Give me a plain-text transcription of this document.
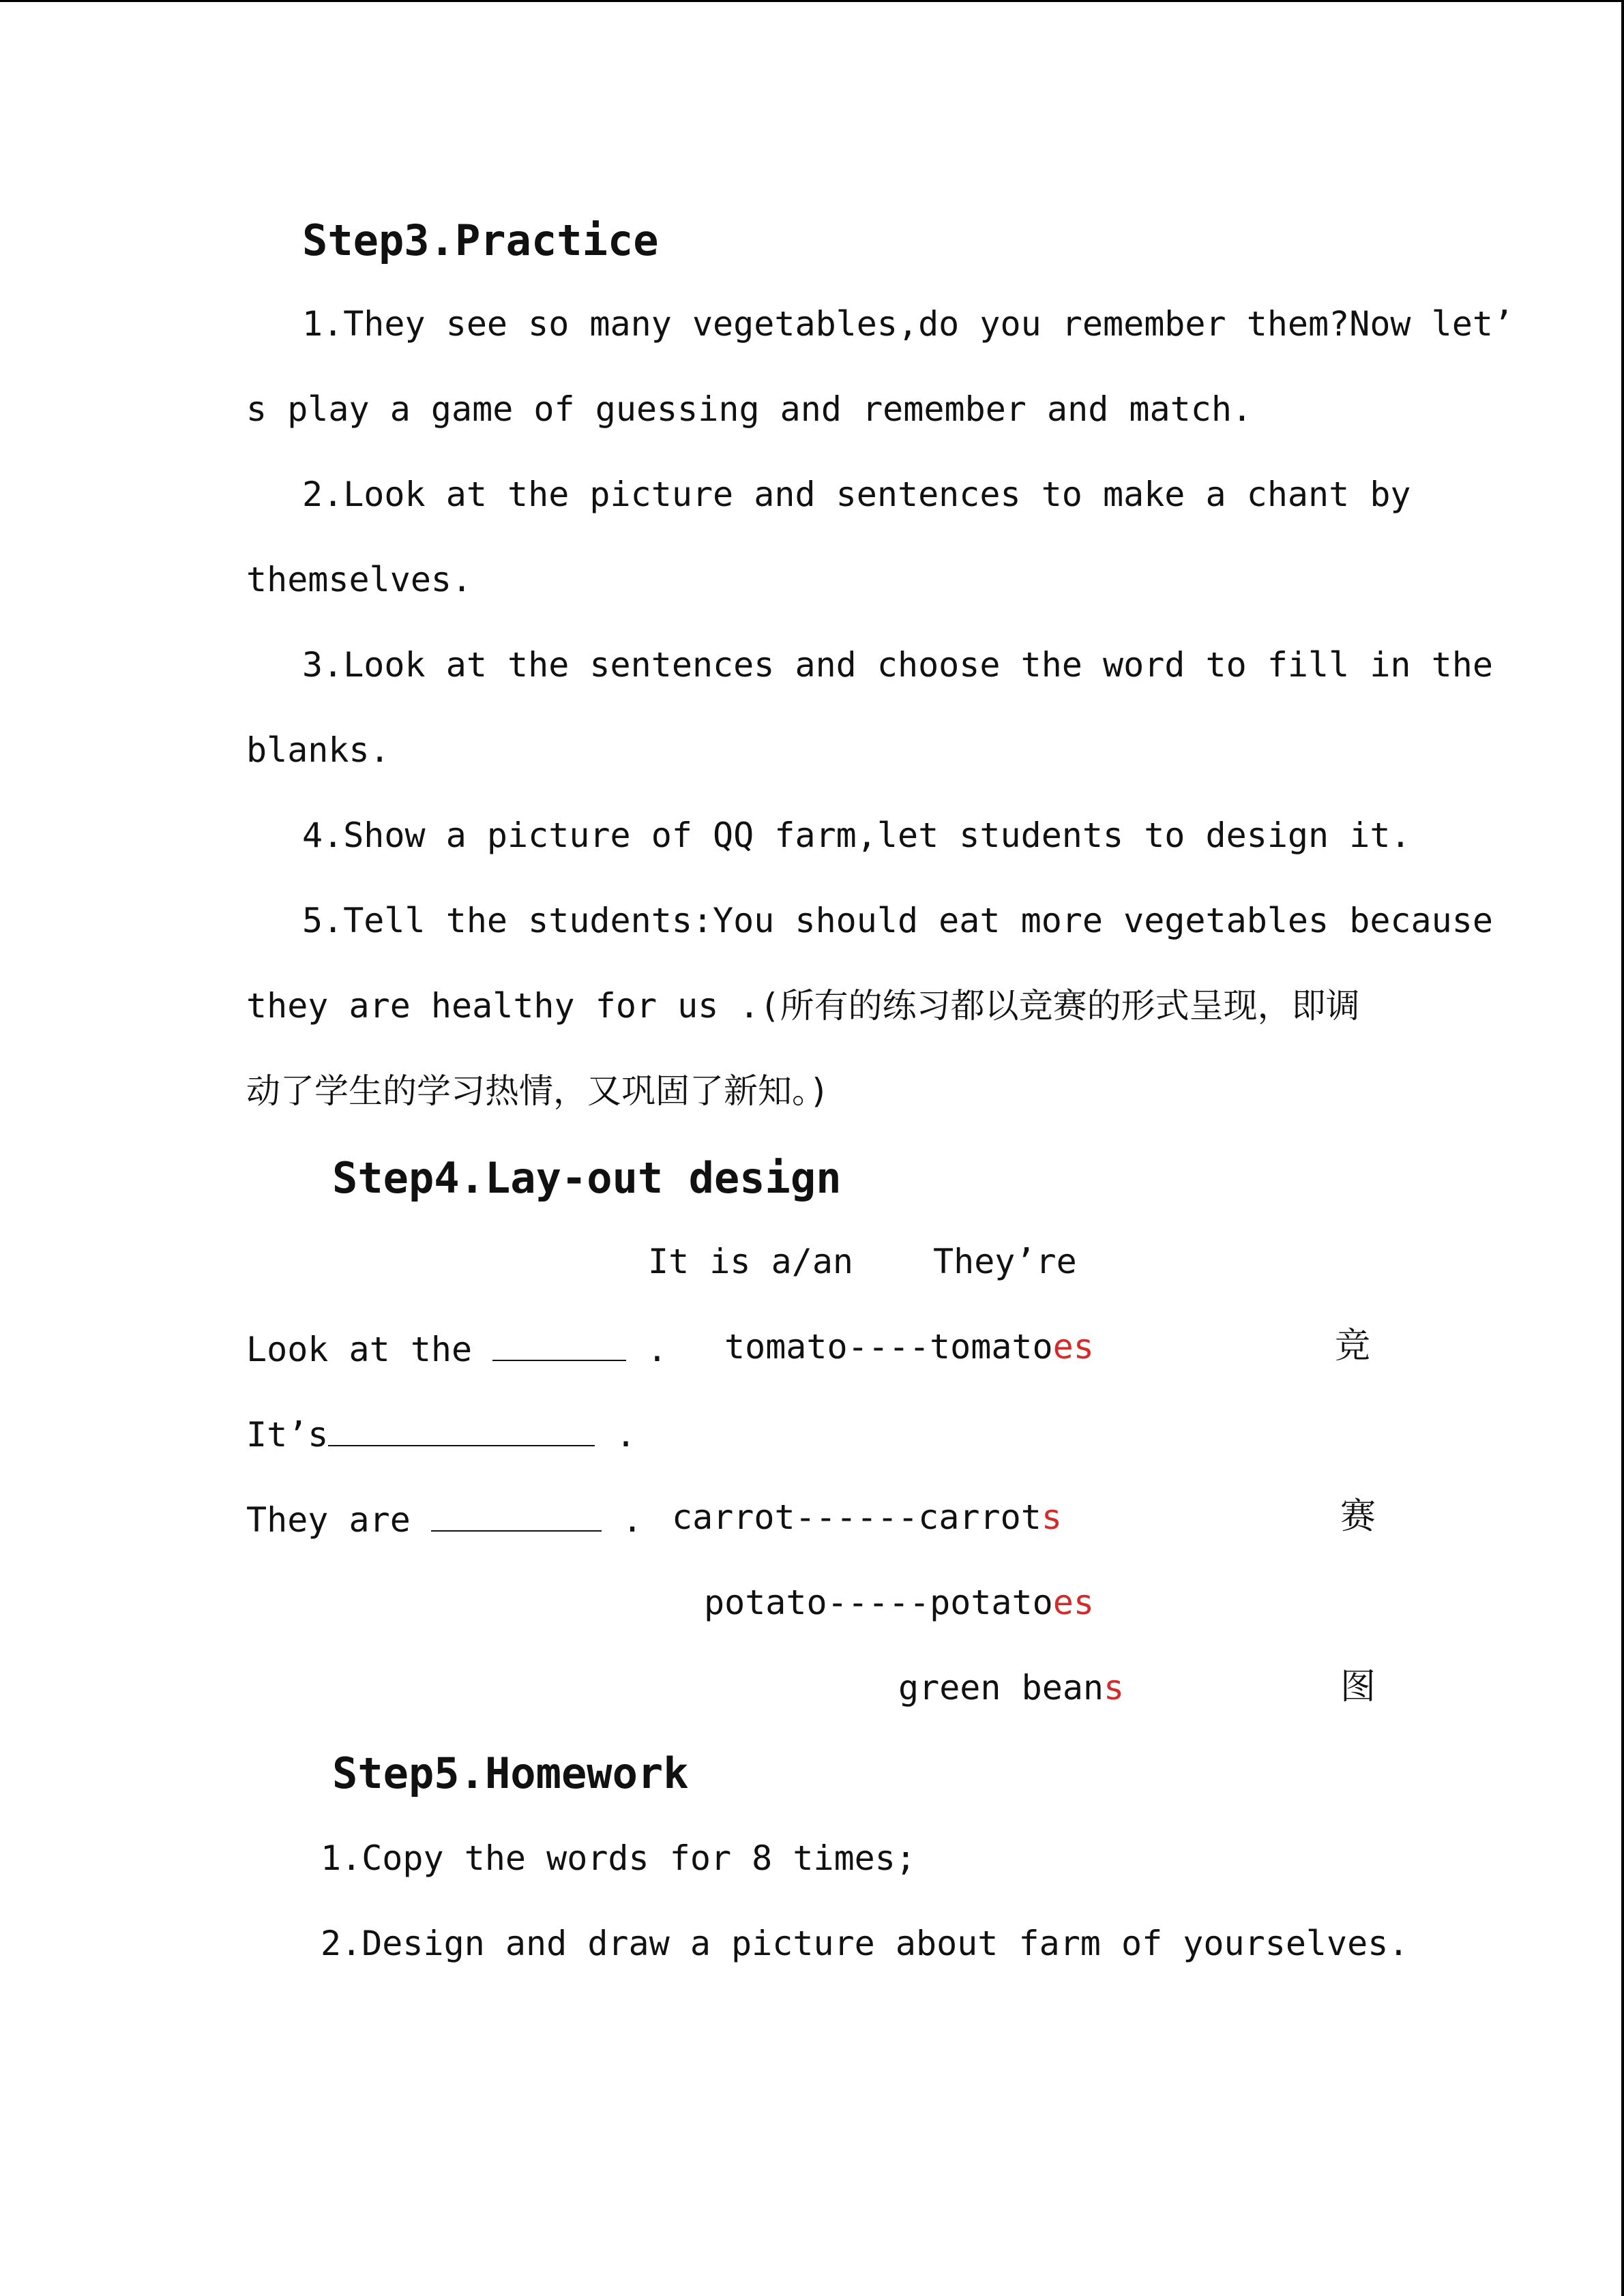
Step3.Practice
1.They see so many vegetables,do you remember them?Now let’
s play a game of guessing and remember and match.
2.Look at the picture and sentences to make a chant by
themselves.
3.Look at the sentences and choose the word to fill in the
blanks.
4.Show a picture of QQ farm,let students to design it.
5.Tell the students:You should eat more vegetables because
they are healthy for us .(所有的练习都以竞赛的形式呈现，即调
动了学生的学习热情，又巩固了新知。)
Step4.Lay-out design
It is a/an They’re
Look at the	. tomato----tomatoes	竞
It’s	.
They are	. carrot------carrots	赛
potato-----potatoes
green beans	图
Step5.Homework
1.Copy the words for 8 times;
2.Design and draw a picture about farm of yourselves.
